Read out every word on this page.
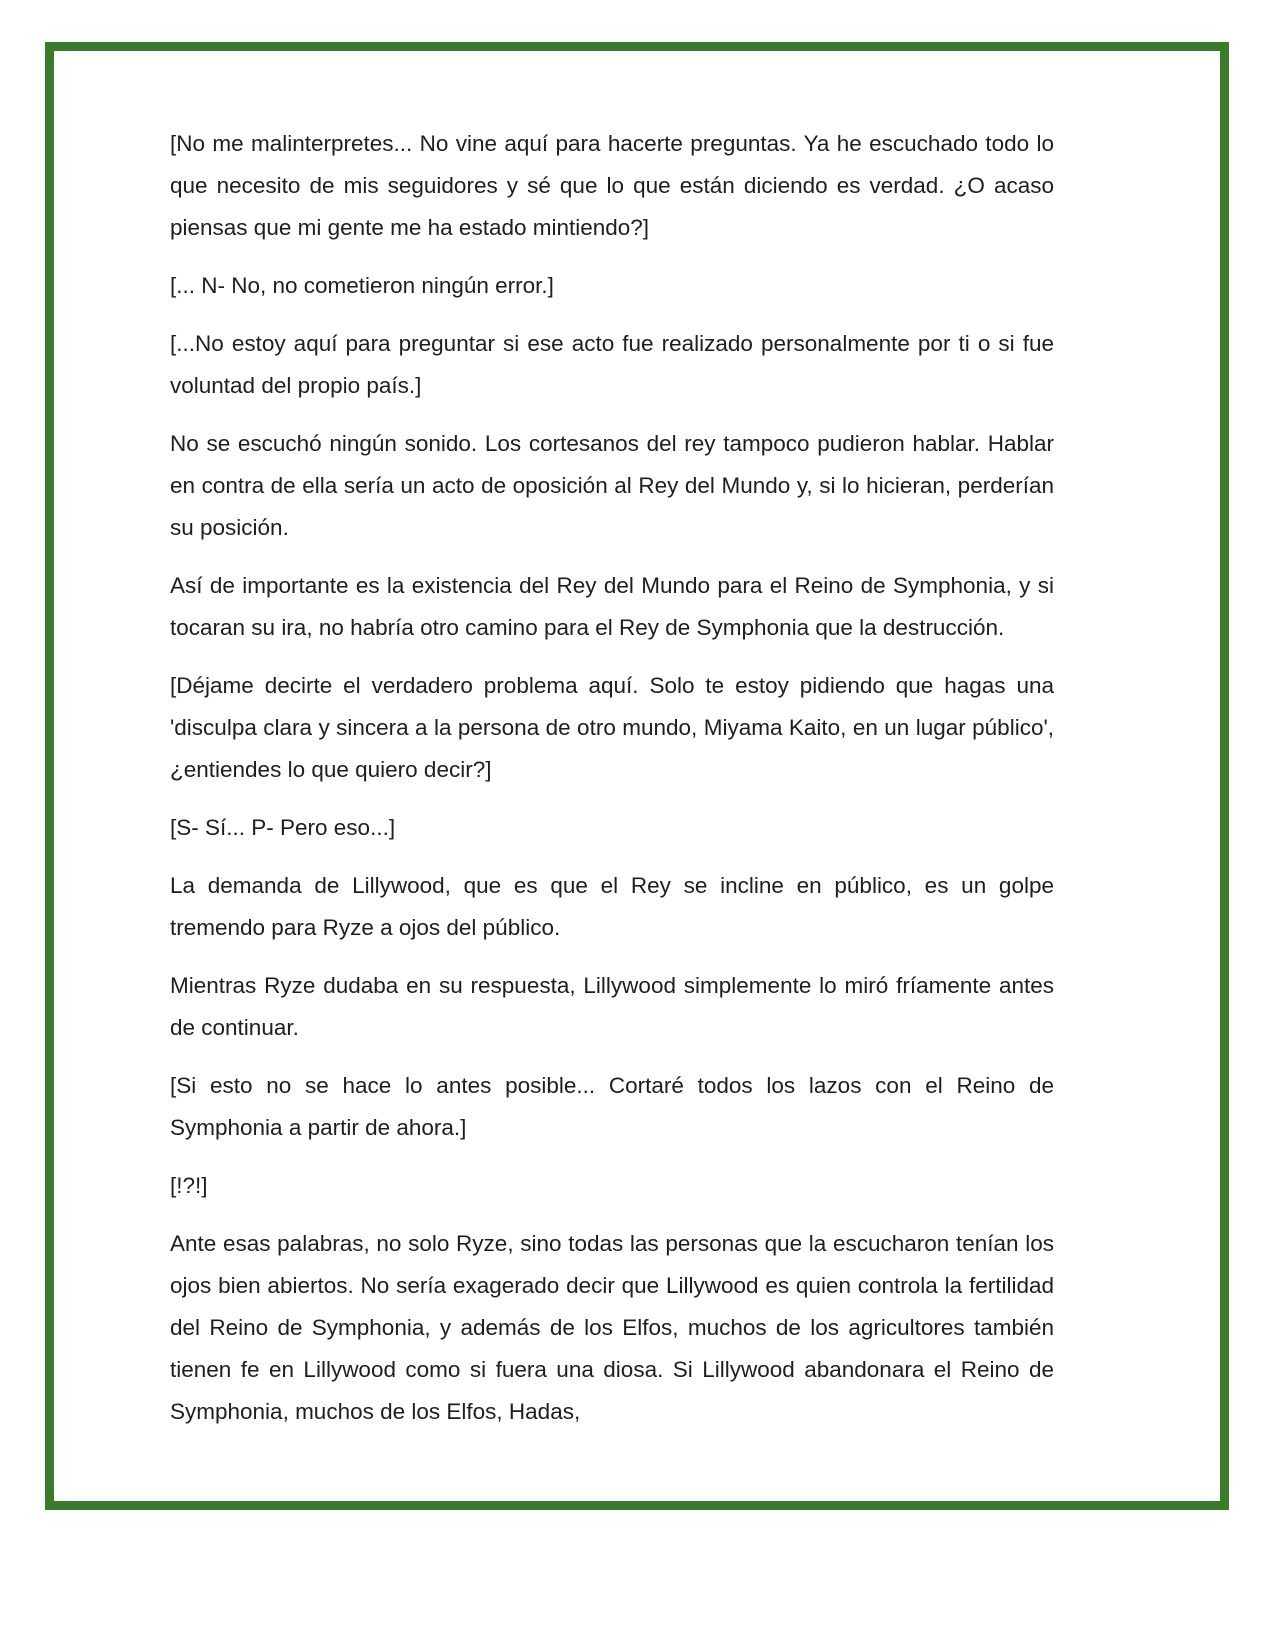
[No me malinterpretes... No vine aquí para hacerte preguntas. Ya he escuchado todo lo que necesito de mis seguidores y sé que lo que están diciendo es verdad. ¿O acaso piensas que mi gente me ha estado mintiendo?]

[... N- No, no cometieron ningún error.]

[...No estoy aquí para preguntar si ese acto fue realizado personalmente por ti o si fue voluntad del propio país.]

No se escuchó ningún sonido. Los cortesanos del rey tampoco pudieron hablar. Hablar en contra de ella sería un acto de oposición al Rey del Mundo y, si lo hicieran, perderían su posición.

Así de importante es la existencia del Rey del Mundo para el Reino de Symphonia, y si tocaran su ira, no habría otro camino para el Rey de Symphonia que la destrucción.

[Déjame decirte el verdadero problema aquí. Solo te estoy pidiendo que hagas una 'disculpa clara y sincera a la persona de otro mundo, Miyama Kaito, en un lugar público', ¿entiendes lo que quiero decir?]

[S- Sí... P- Pero eso...]

La demanda de Lillywood, que es que el Rey se incline en público, es un golpe tremendo para Ryze a ojos del público.

Mientras Ryze dudaba en su respuesta, Lillywood simplemente lo miró fríamente antes de continuar.

[Si esto no se hace lo antes posible... Cortaré todos los lazos con el Reino de Symphonia a partir de ahora.]

[!?!]

Ante esas palabras, no solo Ryze, sino todas las personas que la escucharon tenían los ojos bien abiertos. No sería exagerado decir que Lillywood es quien controla la fertilidad del Reino de Symphonia, y además de los Elfos, muchos de los agricultores también tienen fe en Lillywood como si fuera una diosa. Si Lillywood abandonara el Reino de Symphonia, muchos de los Elfos, Hadas,
